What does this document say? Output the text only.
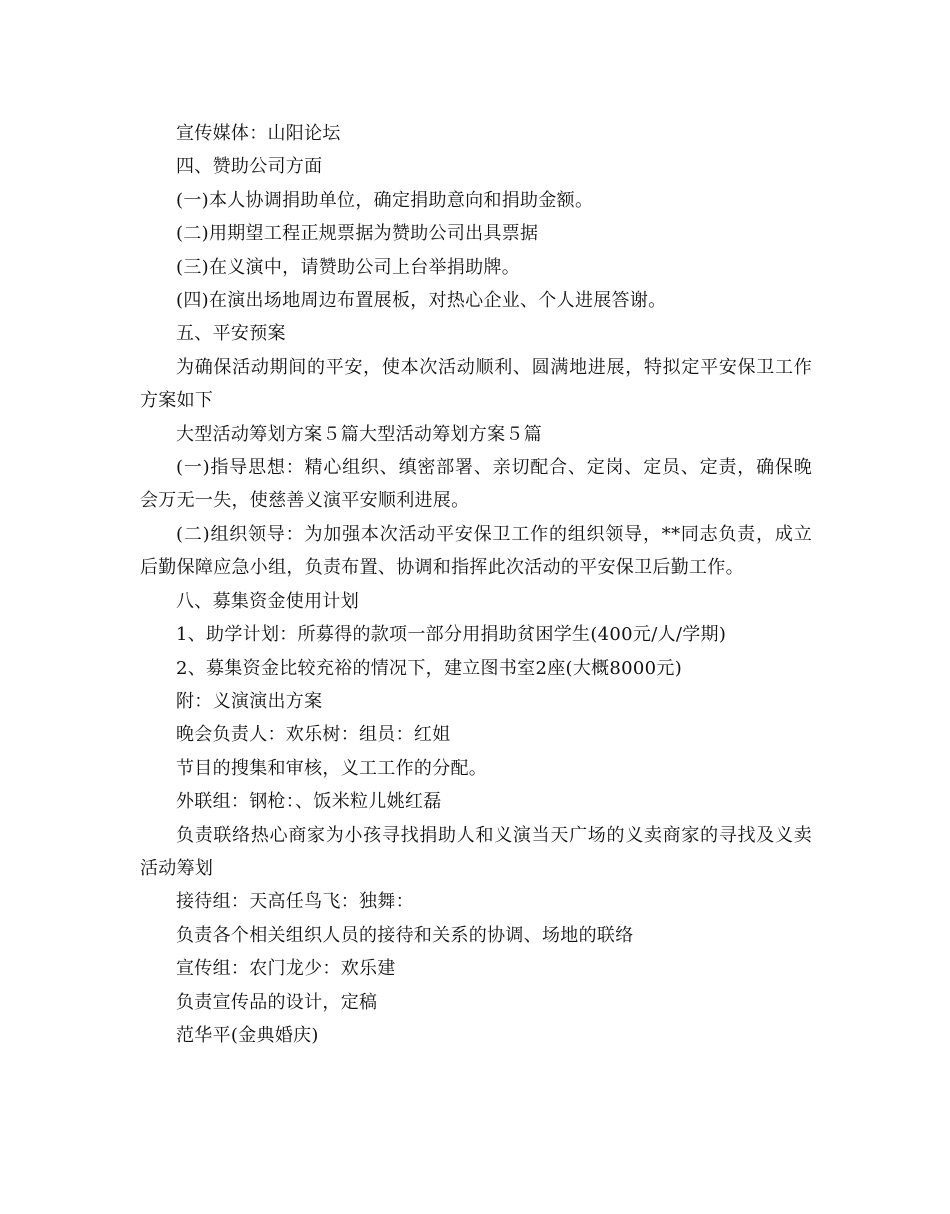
宣传媒体：山阳论坛

四、赞助公司方面

(一)本人协调捐助单位，确定捐助意向和捐助金额。

(二)用期望工程正规票据为赞助公司出具票据

(三)在义演中，请赞助公司上台举捐助牌。

(四)在演出场地周边布置展板，对热心企业、个人进展答谢。

五、平安预案

为确保活动期间的平安，使本次活动顺利、圆满地进展，特拟定平安保卫工作方案如下

大型活动筹划方案５篇大型活动筹划方案５篇

(一)指导思想：精心组织、缜密部署、亲切配合、定岗、定员、定责，确保晚会万无一失，使慈善义演平安顺利进展。

(二)组织领导：为加强本次活动平安保卫工作的组织领导，**同志负责，成立后勤保障应急小组，负责布置、协调和指挥此次活动的平安保卫后勤工作。

八、募集资金使用计划

1、助学计划：所募得的款项一部分用捐助贫困学生(400元/人/学期)

2、募集资金比较充裕的情况下，建立图书室2座(大概8000元)

附：义演演出方案

晚会负责人：欢乐树：组员：红姐

节目的搜集和审核，义工工作的分配。

外联组：钢枪：、饭米粒儿姚红磊

负责联络热心商家为小孩寻找捐助人和义演当天广场的义卖商家的寻找及义卖活动筹划

接待组：天高任鸟飞：独舞：

负责各个相关组织人员的接待和关系的协调、场地的联络

宣传组：农门龙少：欢乐建

负责宣传品的设计，定稿

范华平(金典婚庆)
